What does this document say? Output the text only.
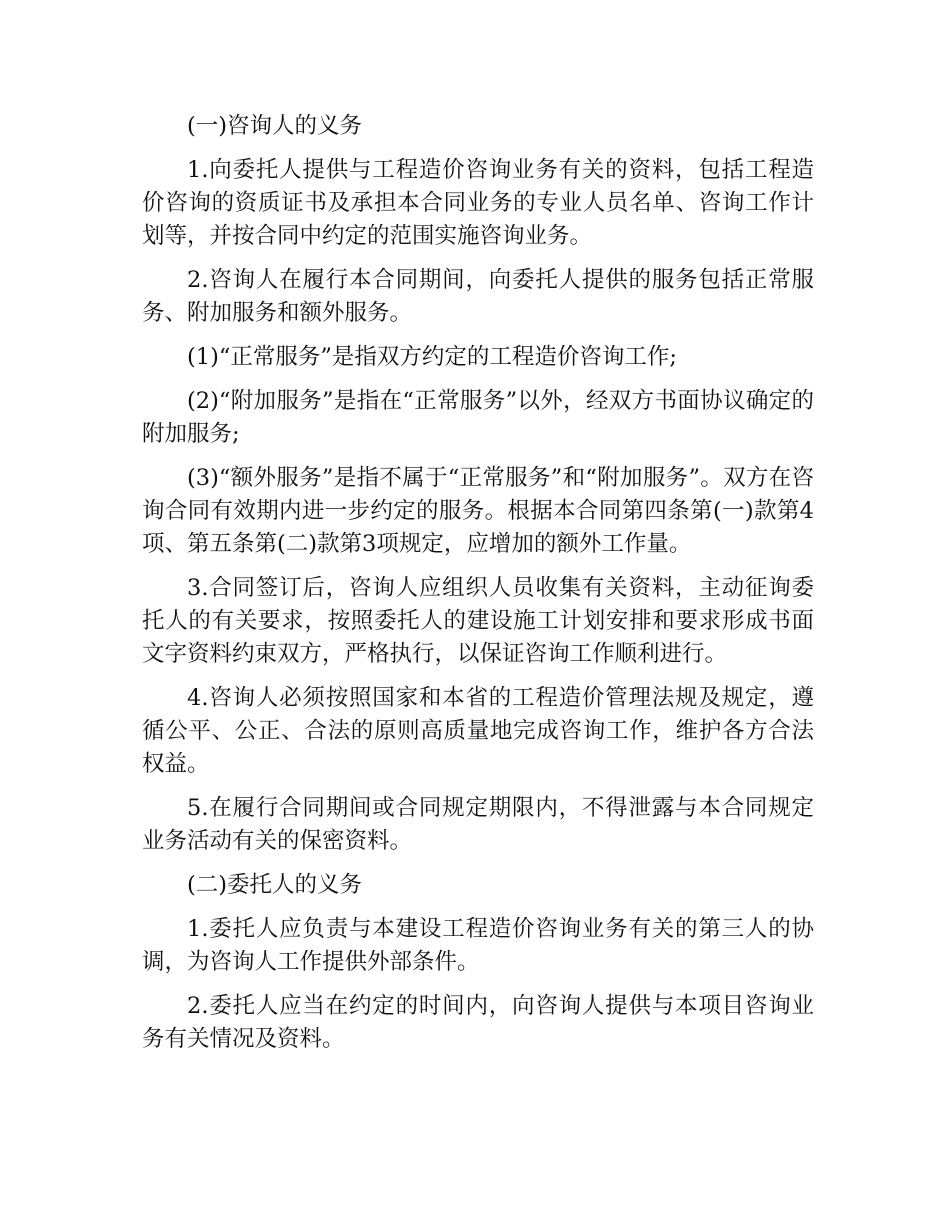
(一)咨询人的义务

1.向委托人提供与工程造价咨询业务有关的资料，包括工程造价咨询的资质证书及承担本合同业务的专业人员名单、咨询工作计划等，并按合同中约定的范围实施咨询业务。

2.咨询人在履行本合同期间，向委托人提供的服务包括正常服务、附加服务和额外服务。

(1)“正常服务”是指双方约定的工程造价咨询工作;

(2)“附加服务”是指在“正常服务”以外，经双方书面协议确定的附加服务;

(3)“额外服务”是指不属于“正常服务”和“附加服务”。双方在咨询合同有效期内进一步约定的服务。根据本合同第四条第(一)款第4项、第五条第(二)款第3项规定，应增加的额外工作量。

3.合同签订后，咨询人应组织人员收集有关资料，主动征询委托人的有关要求，按照委托人的建设施工计划安排和要求形成书面文字资料约束双方，严格执行，以保证咨询工作顺利进行。

4.咨询人必须按照国家和本省的工程造价管理法规及规定，遵循公平、公正、合法的原则高质量地完成咨询工作，维护各方合法权益。

5.在履行合同期间或合同规定期限内，不得泄露与本合同规定业务活动有关的保密资料。

(二)委托人的义务

1.委托人应负责与本建设工程造价咨询业务有关的第三人的协调，为咨询人工作提供外部条件。

2.委托人应当在约定的时间内，向咨询人提供与本项目咨询业务有关情况及资料。
